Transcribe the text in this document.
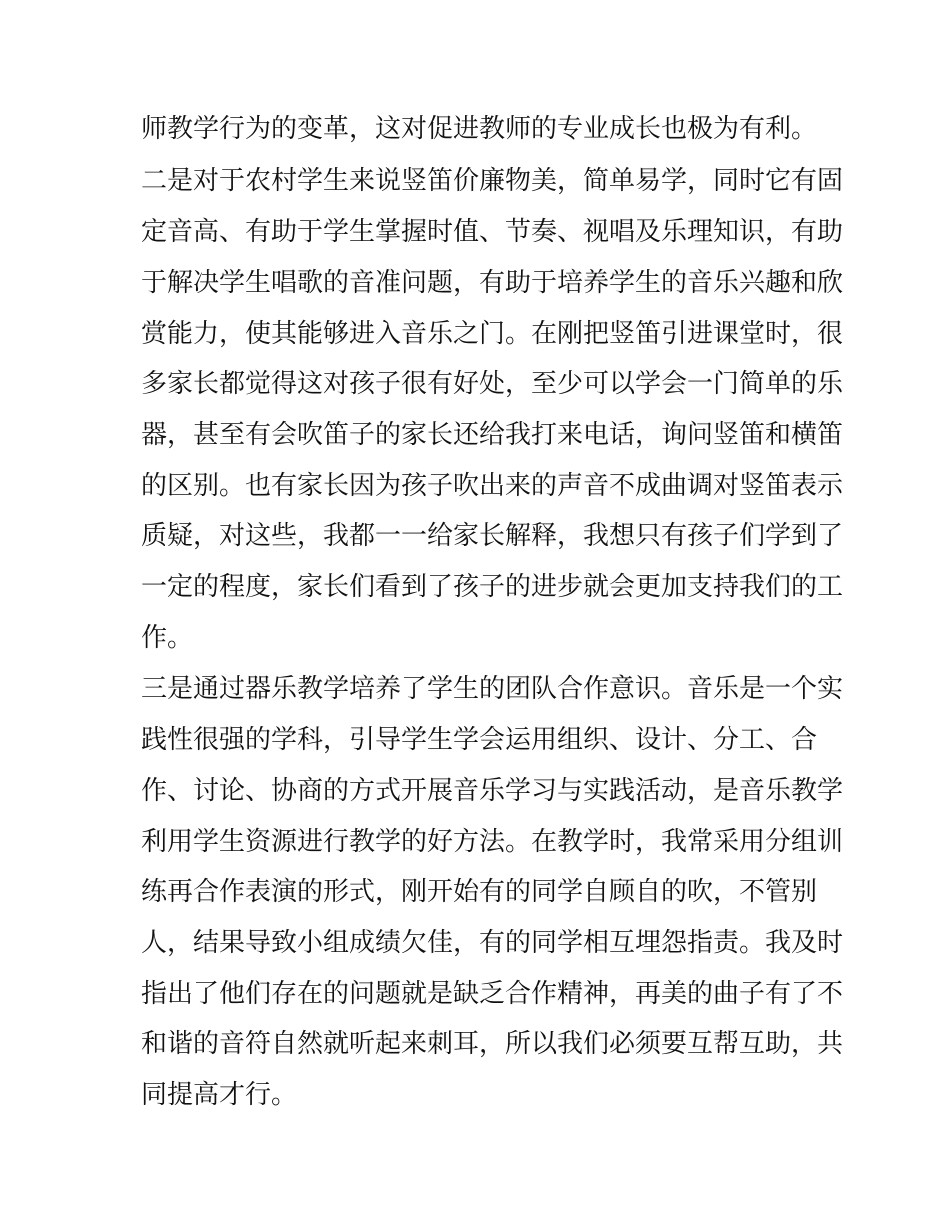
师教学行为的变革，这对促进教师的专业成长也极为有利。

二是对于农村学生来说竖笛价廉物美，简单易学，同时它有固

定音高、有助于学生掌握时值、节奏、视唱及乐理知识，有助

于解决学生唱歌的音准问题，有助于培养学生的音乐兴趣和欣

赏能力，使其能够进入音乐之门。在刚把竖笛引进课堂时，很

多家长都觉得这对孩子很有好处，至少可以学会一门简单的乐

器，甚至有会吹笛子的家长还给我打来电话，询问竖笛和横笛

的区别。也有家长因为孩子吹出来的声音不成曲调对竖笛表示

质疑，对这些，我都一一给家长解释，我想只有孩子们学到了

一定的程度，家长们看到了孩子的进步就会更加支持我们的工

作。

三是通过器乐教学培养了学生的团队合作意识。音乐是一个实

践性很强的学科，引导学生学会运用组织、设计、分工、合

作、讨论、协商的方式开展音乐学习与实践活动，是音乐教学

利用学生资源进行教学的好方法。在教学时，我常采用分组训

练再合作表演的形式，刚开始有的同学自顾自的吹，不管别

人，结果导致小组成绩欠佳，有的同学相互埋怨指责。我及时

指出了他们存在的问题就是缺乏合作精神，再美的曲子有了不

和谐的音符自然就听起来刺耳，所以我们必须要互帮互助，共

同提高才行。
